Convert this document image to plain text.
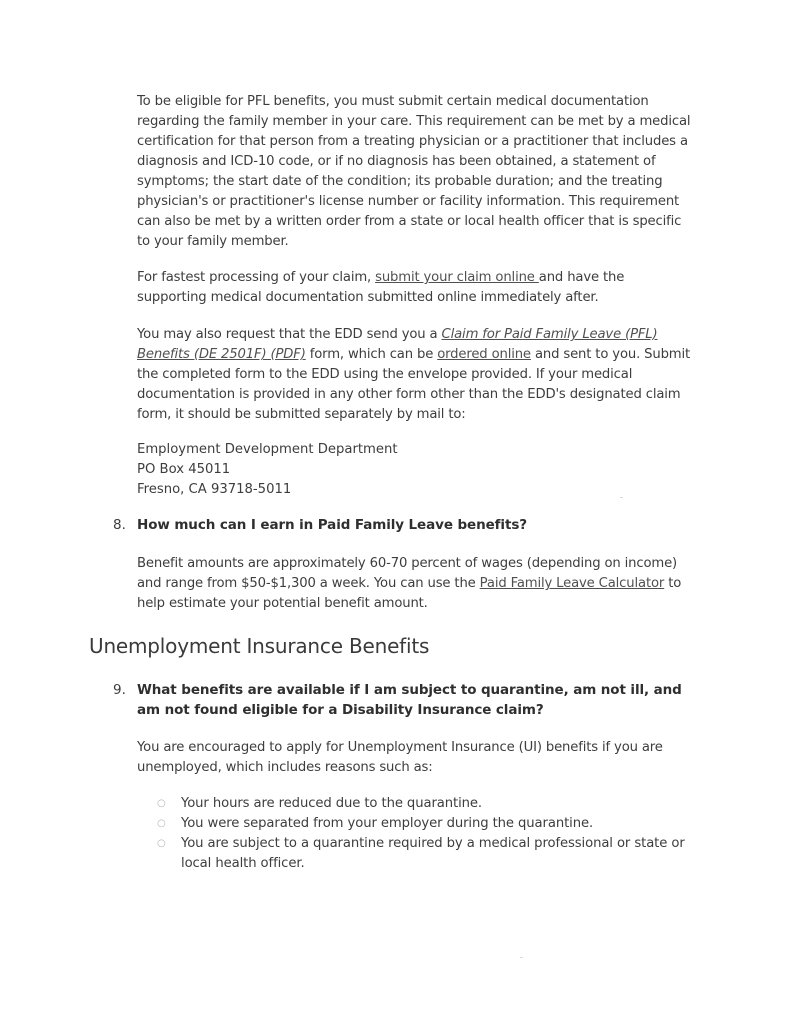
To be eligible for PFL benefits, you must submit certain medical documentation regarding the family member in your care. This requirement can be met by a medical certification for that person from a treating physician or a practitioner that includes a diagnosis and ICD-10 code, or if no diagnosis has been obtained, a statement of symptoms; the start date of the condition; its probable duration; and the treating physician's or practitioner's license number or facility information. This requirement can also be met by a written order from a state or local health officer that is specific to your family member.

For fastest processing of your claim, submit your claim online and have the supporting medical documentation submitted online immediately after.

You may also request that the EDD send you a Claim for Paid Family Leave (PFL) Benefits (DE 2501F) (PDF) form, which can be ordered online and sent to you. Submit the completed form to the EDD using the envelope provided. If your medical documentation is provided in any other form other than the EDD's designated claim form, it should be submitted separately by mail to:

Employment Development Department
PO Box 45011
Fresno, CA 93718-5011
8. How much can I earn in Paid Family Leave benefits?

Benefit amounts are approximately 60-70 percent of wages (depending on income) and range from $50-$1,300 a week. You can use the Paid Family Leave Calculator to help estimate your potential benefit amount.

Unemployment Insurance Benefits
9. What benefits are available if I am subject to quarantine, am not ill, and am not found eligible for a Disability Insurance claim?

You are encouraged to apply for Unemployment Insurance (UI) benefits if you are unemployed, which includes reasons such as:

○ Your hours are reduced due to the quarantine.
○ You were separated from your employer during the quarantine.
○ You are subject to a quarantine required by a medical professional or state or local health officer.
